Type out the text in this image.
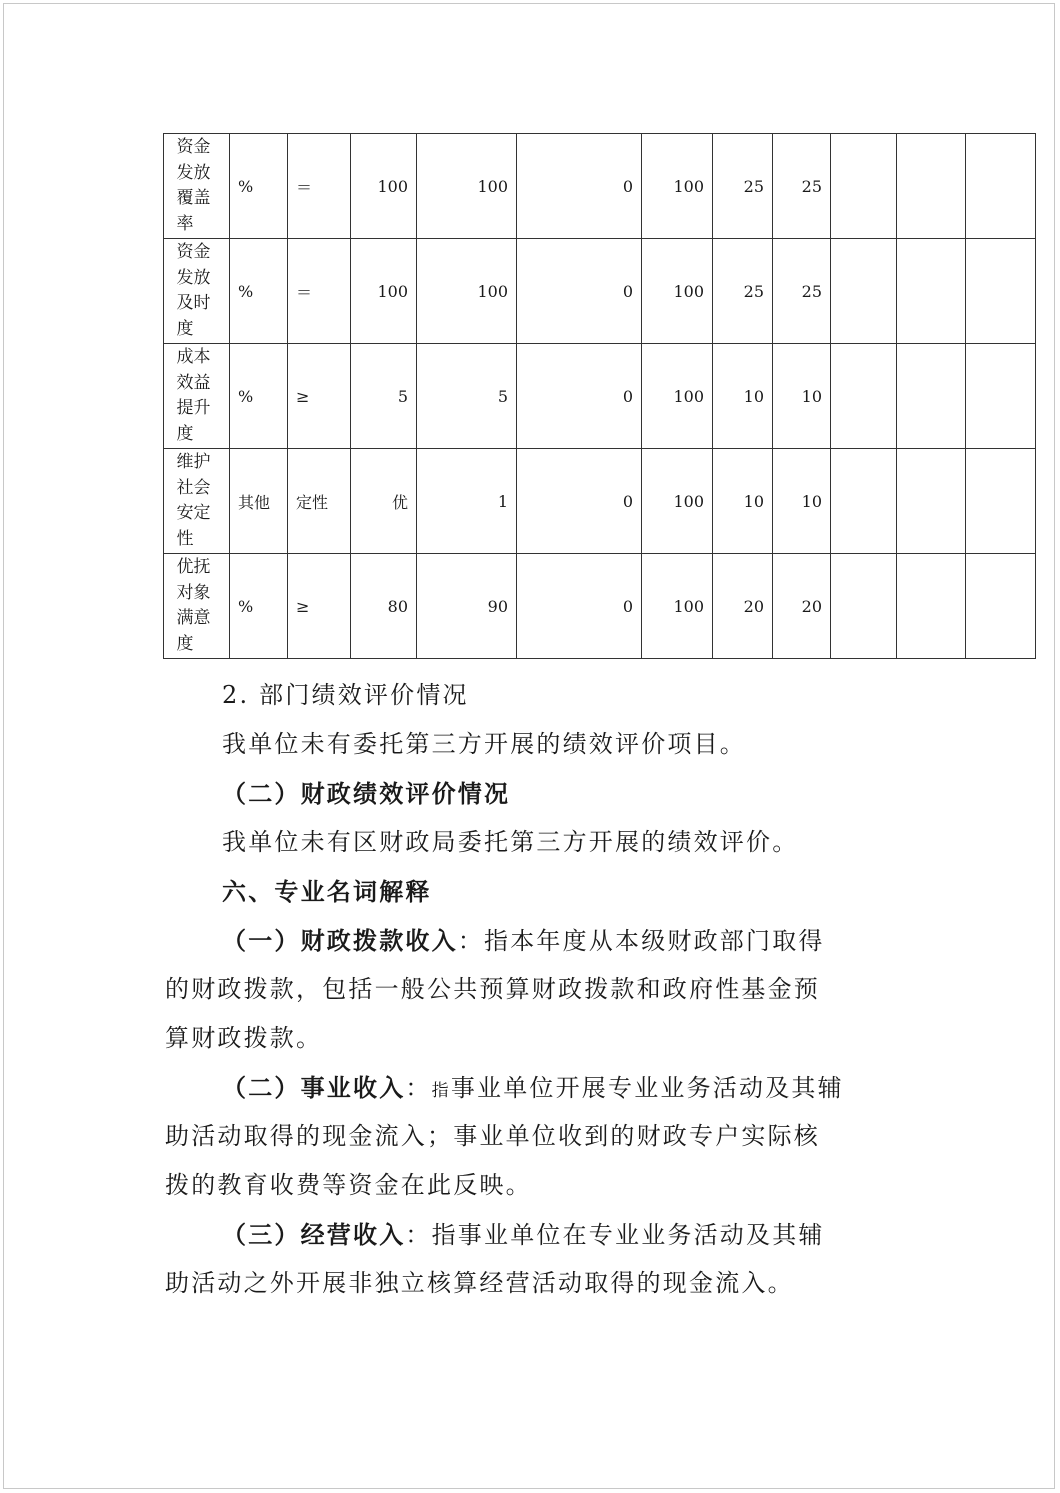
资金发放覆盖率	%	＝	100	100	0	100	25	25			
资金发放及时度	%	＝	100	100	0	100	25	25			
成本效益提升度	%	≥	5	5	0	100	10	10			
维护社会安定性	其他	定性	优	1	0	100	10	10			
优抚对象满意度	%	≥	80	90	0	100	20	20			

2. 部门绩效评价情况

我单位未有委托第三方开展的绩效评价项目。

（二）财政绩效评价情况

我单位未有区财政局委托第三方开展的绩效评价。

六、专业名词解释

（一）财政拨款收入：指本年度从本级财政部门取得

的财政拨款，包括一般公共预算财政拨款和政府性基金预

算财政拨款。

（二）事业收入：指事业单位开展专业业务活动及其辅

助活动取得的现金流入；事业单位收到的财政专户实际核

拨的教育收费等资金在此反映。

（三）经营收入：指事业单位在专业业务活动及其辅

助活动之外开展非独立核算经营活动取得的现金流入。
